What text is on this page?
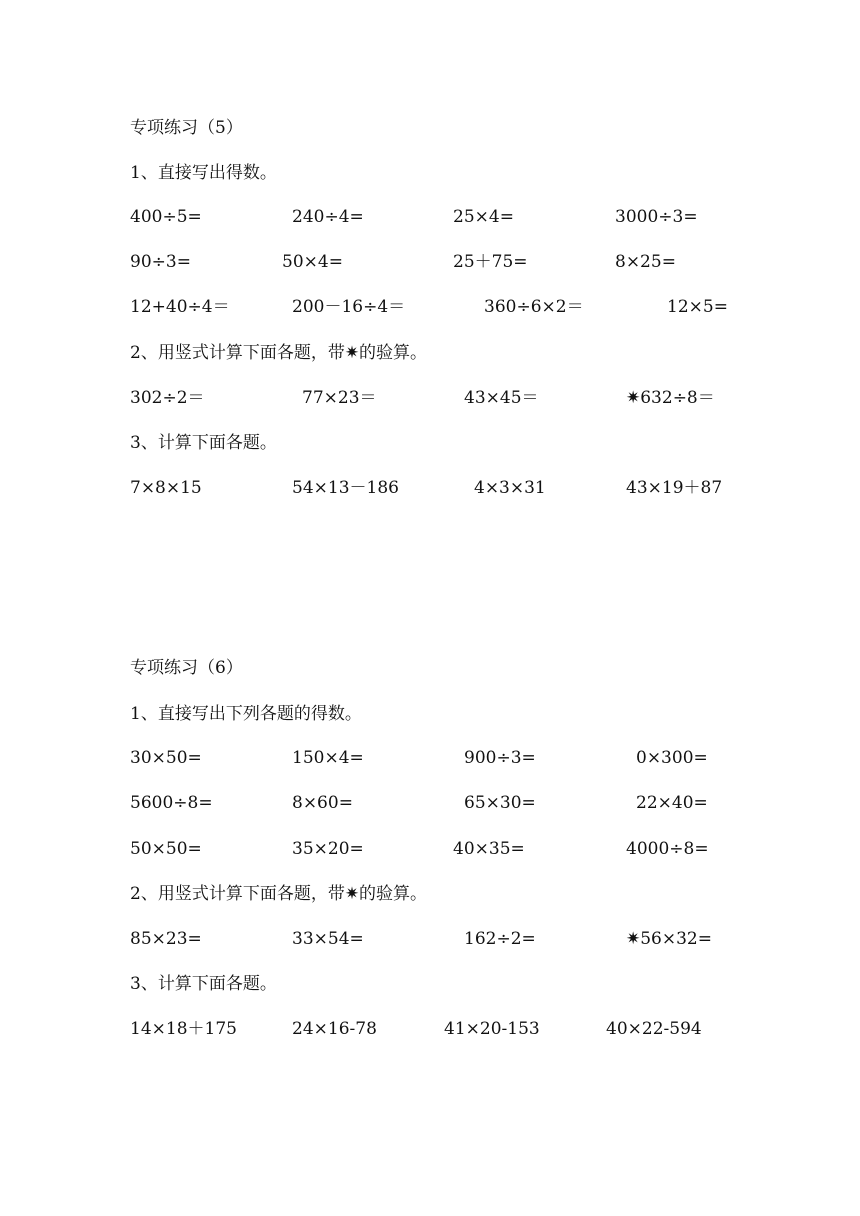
专项练习（5）
1、直接写出得数。
400÷5=	240÷4=	25×4=	3000÷3=
90÷3=	50×4=	25＋75=	8×25=
12+40÷4＝	200－16÷4＝	360÷6×2＝	12×5=
2、用竖式计算下面各题，带✷的验算。
302÷2＝	77×23＝	43×45＝	✷632÷8＝
3、计算下面各题。
7×8×15	54×13－186	4×3×31	43×19＋87
专项练习（6）
1、直接写出下列各题的得数。
30×50=	150×4=	900÷3=	0×300=
5600÷8=	8×60=	65×30=	22×40=
50×50=	35×20=	40×35=	4000÷8=
2、用竖式计算下面各题，带✷的验算。
85×23=	33×54=	162÷2=	✷56×32=
3、计算下面各题。
14×18＋175	24×16-78	41×20-153	40×22-594
